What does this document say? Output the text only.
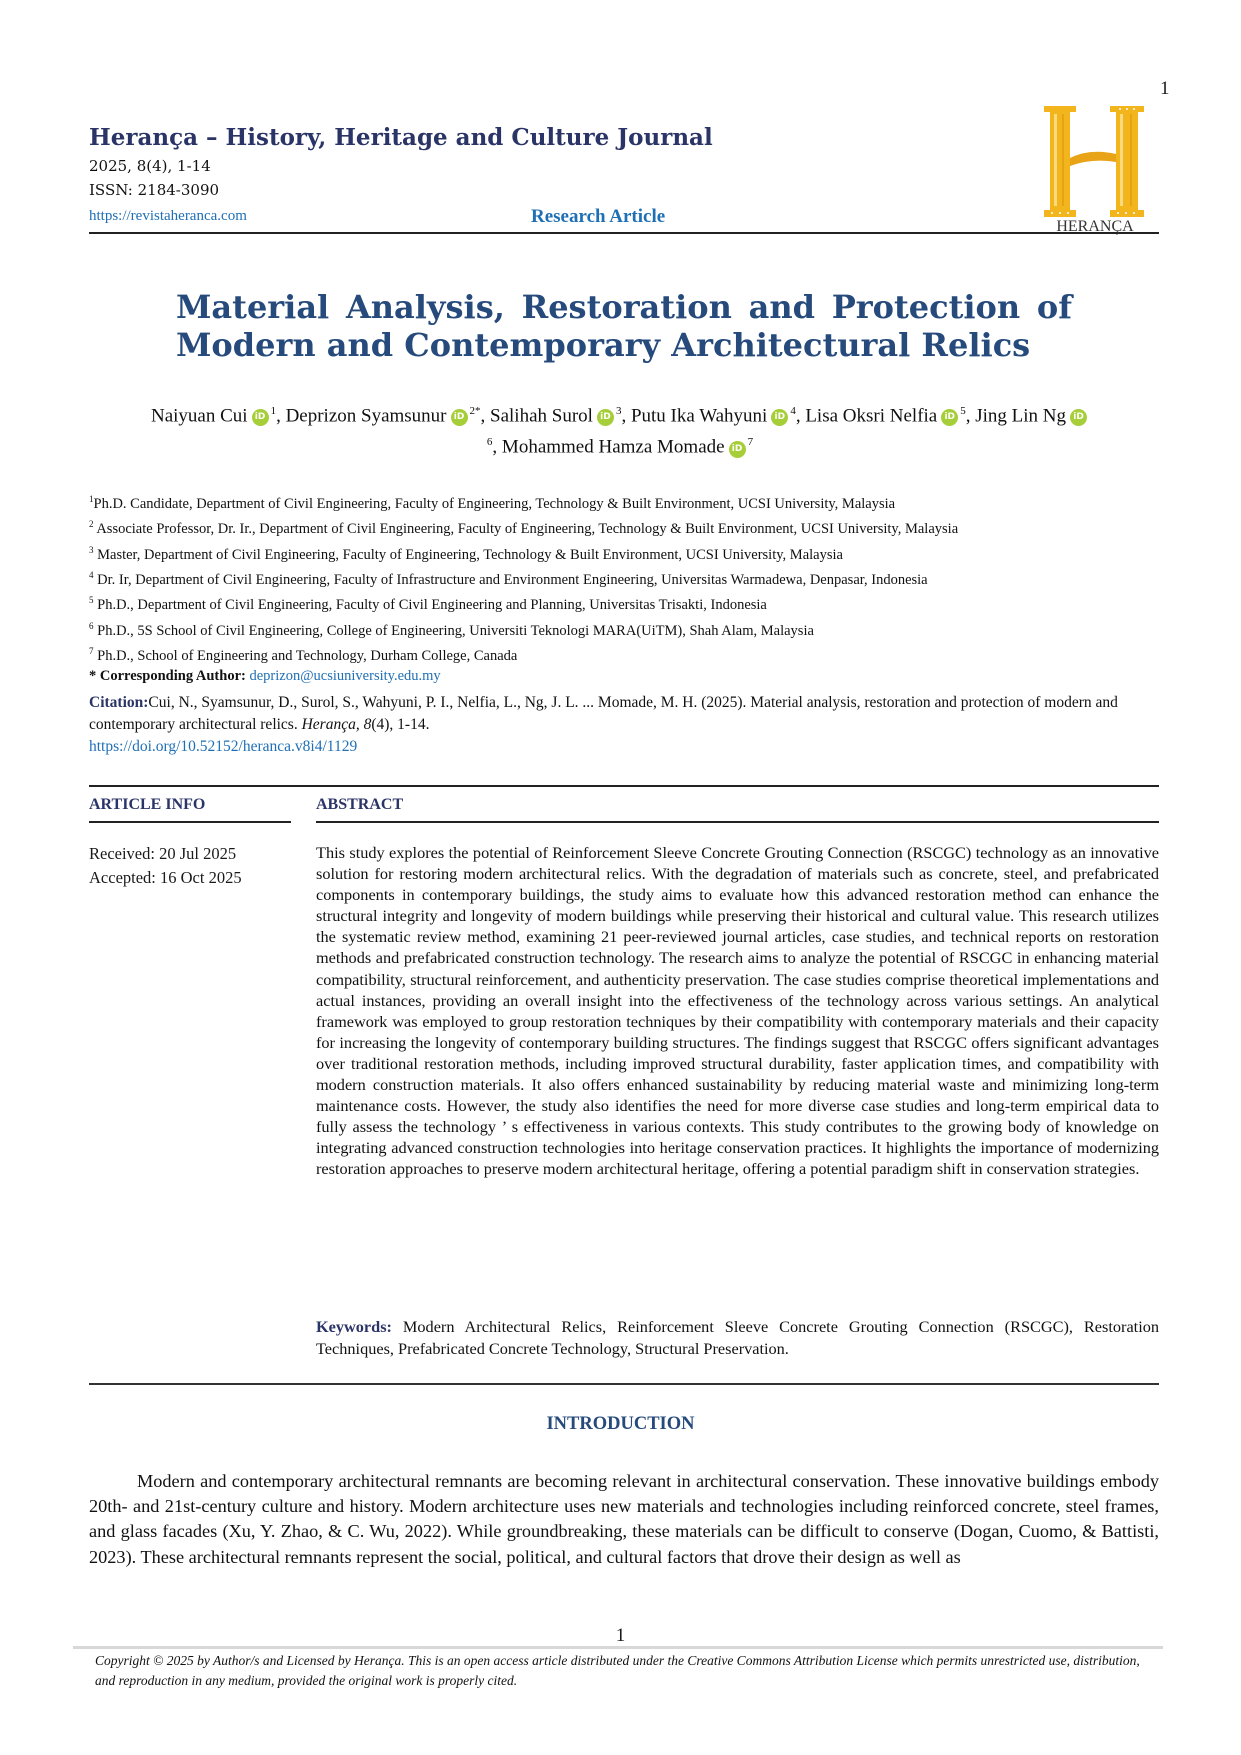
1
Herança – History, Heritage and Culture Journal
2025, 8(4), 1-14
ISSN: 2184-3090
https://revistaheranca.com	Research Article	HERANÇA
Material Analysis, Restoration and Protection of Modern and Contemporary Architectural Relics
Naiyuan Cui $iD^1$, Deprizon Syamsunur $iD^{2*}$, Salihah Surol $iD^3$, Putu Ika Wahyuni $iD^4$, Lisa Oksri Nelfia $iD^5$, Jing Lin Ng $iD^6$, Mohammed Hamza Momade $iD^7$

$^1$Ph.D. Candidate, Department of Civil Engineering, Faculty of Engineering, Technology & Built Environment, UCSI University, Malaysia

$^2$ Associate Professor, Dr. Ir., Department of Civil Engineering, Faculty of Engineering, Technology & Built Environment, UCSI University, Malaysia

$^3$ Master, Department of Civil Engineering, Faculty of Engineering, Technology & Built Environment, UCSI University, Malaysia

$^4$ Dr. Ir, Department of Civil Engineering, Faculty of Infrastructure and Environment Engineering, Universitas Warmadewa, Denpasar, Indonesia

$^5$ Ph.D., Department of Civil Engineering, Faculty of Civil Engineering and Planning, Universitas Trisakti, Indonesia

$^6$ Ph.D., 5S School of Civil Engineering, College of Engineering, Universiti Teknologi MARA(UiTM), Shah Alam, Malaysia

$^7$ Ph.D., School of Engineering and Technology, Durham College, Canada

* Corresponding Author: deprizon@ucsiuniversity.edu.my

Citation:Cui, N., Syamsunur, D., Surol, S., Wahyuni, P. I., Nelfia, L., Ng, J. L. ... Momade, M. H. (2025). Material analysis, restoration and protection of modern and contemporary architectural relics. Herança, 8(4), 1-14.
https://doi.org/10.52152/heranca.v8i4/1129
ARTICLE INFO	ABSTRACT
Received: 20 Jul 2025
Accepted: 16 Oct 2025
This study explores the potential of Reinforcement Sleeve Concrete Grouting Connection (RSCGC) technology as an innovative solution for restoring modern architectural relics. With the degradation of materials such as concrete, steel, and prefabricated components in contemporary buildings, the study aims to evaluate how this advanced restoration method can enhance the structural integrity and longevity of modern buildings while preserving their historical and cultural value. This research utilizes the systematic review method, examining 21 peer-reviewed journal articles, case studies, and technical reports on restoration methods and prefabricated construction technology. The research aims to analyze the potential of RSCGC in enhancing material compatibility, structural reinforcement, and authenticity preservation. The case studies comprise theoretical implementations and actual instances, providing an overall insight into the effectiveness of the technology across various settings. An analytical framework was employed to group restoration techniques by their compatibility with contemporary materials and their capacity for increasing the longevity of contemporary building structures. The findings suggest that RSCGC offers significant advantages over traditional restoration methods, including improved structural durability, faster application times, and compatibility with modern construction materials. It also offers enhanced sustainability by reducing material waste and minimizing long-term maintenance costs. However, the study also identifies the need for more diverse case studies and long-term empirical data to fully assess the technology ’ s effectiveness in various contexts. This study contributes to the growing body of knowledge on integrating advanced construction technologies into heritage conservation practices. It highlights the importance of modernizing restoration approaches to preserve modern architectural heritage, offering a potential paradigm shift in conservation strategies.
Keywords: Modern Architectural Relics, Reinforcement Sleeve Concrete Grouting Connection (RSCGC), Restoration Techniques, Prefabricated Concrete Technology, Structural Preservation.
INTRODUCTION
Modern and contemporary architectural remnants are becoming relevant in architectural conservation. These innovative buildings embody 20th- and 21st-century culture and history. Modern architecture uses new materials and technologies including reinforced concrete, steel frames, and glass facades (Xu, Y. Zhao, & C. Wu, 2022). While groundbreaking, these materials can be difficult to conserve (Dogan, Cuomo, & Battisti, 2023). These architectural remnants represent the social, political, and cultural factors that drove their design as well as
1
Copyright © 2025 by Author/s and Licensed by Herança. This is an open access article distributed under the Creative Commons Attribution License which permits unrestricted use, distribution, and reproduction in any medium, provided the original work is properly cited.
